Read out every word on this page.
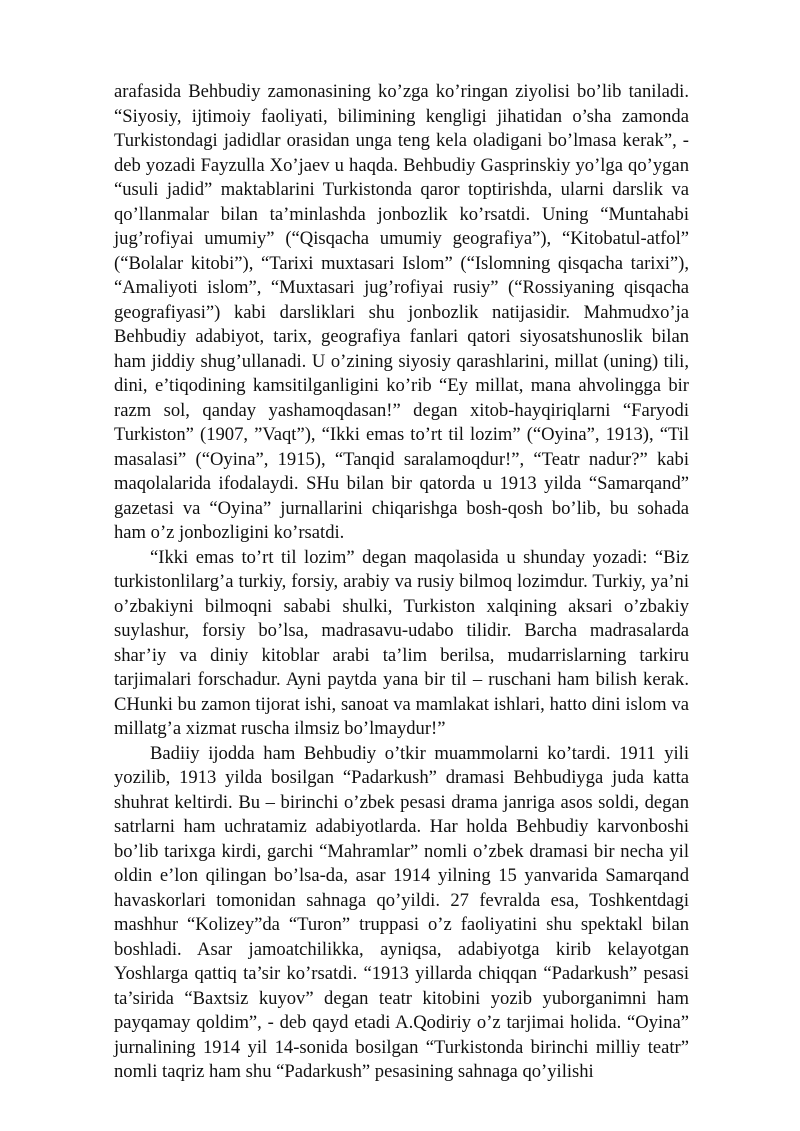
arafasida Behbudiy zamonasining ko’zga ko’ringan ziyolisi bo’lib taniladi. “Siyosiy, ijtimoiy faoliyati, bilimining kengligi jihatidan o’sha zamonda Turkistondagi jadidlar orasidan unga teng kela oladigani bo’lmasa kerak”, - deb yozadi Fayzulla Xo’jaev u haqda. Behbudiy Gasprinskiy yo’lga qo’ygan “usuli jadid” maktablarini Turkistonda qaror toptirishda, ularni darslik va qo’llanmalar bilan ta’minlashda jonbozlik ko’rsatdi. Uning “Muntahabi jug’rofiyai umumiy” (“Qisqacha umumiy geografiya”), “Kitobatul-atfol” (“Bolalar kitobi”), “Tarixi muxtasari Islom” (“Islomning qisqacha tarixi”), “Amaliyoti islom”, “Muxtasari jug’rofiyai rusiy” (“Rossiyaning qisqacha geografiyasi”) kabi darsliklari shu jonbozlik natijasidir. Mahmudxo’ja Behbudiy adabiyot, tarix, geografiya fanlari qatori siyosatshunoslik bilan ham jiddiy shug’ullanadi. U o’zining siyosiy qarashlarini, millat (uning) tili, dini, e’tiqodining kamsitilganligini ko’rib “Ey millat, mana ahvolingga bir razm sol, qanday yashamoqdasan!” degan xitob-hayqiriqlarni “Faryodi Turkiston” (1907, ”Vaqt”), “Ikki emas to’rt til lozim” (“Oyina”, 1913), “Til masalasi” (“Oyina”, 1915), “Tanqid saralamoqdur!”, “Teatr nadur?” kabi maqolalarida ifodalaydi. SHu bilan bir qatorda u 1913 yilda “Samarqand” gazetasi va “Oyina” jurnallarini chiqarishga bosh-qosh bo’lib, bu sohada ham o’z jonbozligini ko’rsatdi.

“Ikki emas to’rt til lozim” degan maqolasida u shunday yozadi: “Biz turkistonlilarg’a turkiy, forsiy, arabiy va rusiy bilmoq lozimdur. Turkiy, ya’ni o’zbakiyni bilmoqni sababi shulki, Turkiston xalqining aksari o’zbakiy suylashur, forsiy bo’lsa, madrasavu-udabo tilidir. Barcha madrasalarda shar’iy va diniy kitoblar arabi ta’lim berilsa, mudarrislarning tarkiru tarjimalari forschadur. Ayni paytda yana bir til – ruschani ham bilish kerak. CHunki bu zamon tijorat ishi, sanoat va mamlakat ishlari, hatto dini islom va millatg’a xizmat ruscha ilmsiz bo’lmaydur!”

Badiiy ijodda ham Behbudiy o’tkir muammolarni ko’tardi. 1911 yili yozilib, 1913 yilda bosilgan “Padarkush” dramasi Behbudiyga juda katta shuhrat keltirdi. Bu – birinchi o’zbek pesasi drama janriga asos soldi, degan satrlarni ham uchratamiz adabiyotlarda. Har holda Behbudiy karvonboshi bo’lib tarixga kirdi, garchi “Mahramlar” nomli o’zbek dramasi bir necha yil oldin e’lon qilingan bo’lsa-da, asar 1914 yilning 15 yanvarida Samarqand havaskorlari tomonidan sahnaga qo’yildi. 27 fevralda esa, Toshkentdagi mashhur “Kolizey”da “Turon” truppasi o’z faoliyatini shu spektakl bilan boshladi. Asar jamoatchilikka, ayniqsa, adabiyotga kirib kelayotgan Yoshlarga qattiq ta’sir ko’rsatdi. “1913 yillarda chiqqan “Padarkush” pesasi ta’sirida “Baxtsiz kuyov” degan teatr kitobini yozib yuborganimni ham payqamay qoldim”, - deb qayd etadi A.Qodiriy o’z tarjimai holida. “Oyina” jurnalining 1914 yil 14-sonida bosilgan “Turkistonda birinchi milliy teatr” nomli taqriz ham shu “Padarkush” pesasining sahnaga qo’yilishi
